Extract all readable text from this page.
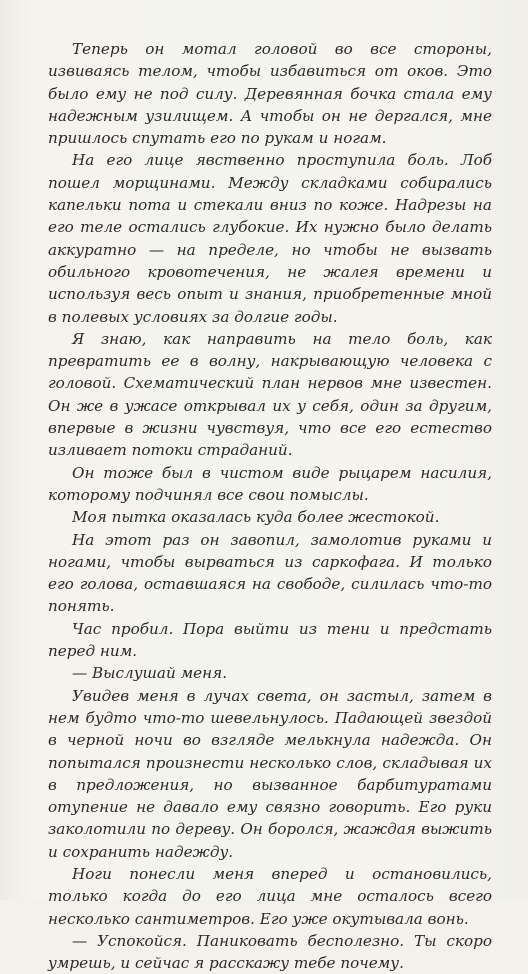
Теперь он мотал головой во все стороны, извиваясь телом, чтобы избавиться от оков. Это было ему не под силу. Деревянная бочка стала ему надежным узилищем. А чтобы он не дергался, мне пришлось спутать его по рукам и ногам.

На его лице явственно проступила боль. Лоб пошел морщинами. Между складками собирались капельки пота и стекали вниз по коже. Надрезы на его теле остались глубокие. Их нужно было делать аккуратно — на пределе, но чтобы не вызвать обильного кровотечения, не жалея времени и используя весь опыт и знания, приобретенные мной в полевых условиях за долгие годы.

Я знаю, как направить на тело боль, как превратить ее в волну, накрывающую человека с головой. Схематический план нервов мне известен. Он же в ужасе открывал их у себя, один за другим, впервые в жизни чувствуя, что все его естество изливает потоки страданий.

Он тоже был в чистом виде рыцарем насилия, которому подчинял все свои помыслы.

Моя пытка оказалась куда более жестокой.

На этот раз он завопил, замолотив руками и ногами, чтобы вырваться из саркофага. И только его голова, оставшаяся на свободе, силилась что-то понять.

Час пробил. Пора выйти из тени и предстать перед ним.

— Выслушай меня.

Увидев меня в лучах света, он застыл, затем в нем будто что-то шевельнулось. Падающей звездой в черной ночи во взгляде мелькнула надежда. Он попытался произнести несколько слов, складывая их в предложения, но вызванное барбитуратами отупение не давало ему связно говорить. Его руки заколотили по дереву. Он боролся, жаждая выжить и сохранить надежду.

Ноги понесли меня вперед и остановились, только когда до его лица мне осталось всего несколько сантиметров. Его уже окутывала вонь.

— Успокойся. Паниковать бесполезно. Ты скоро умрешь, и сейчас я расскажу тебе почему.
